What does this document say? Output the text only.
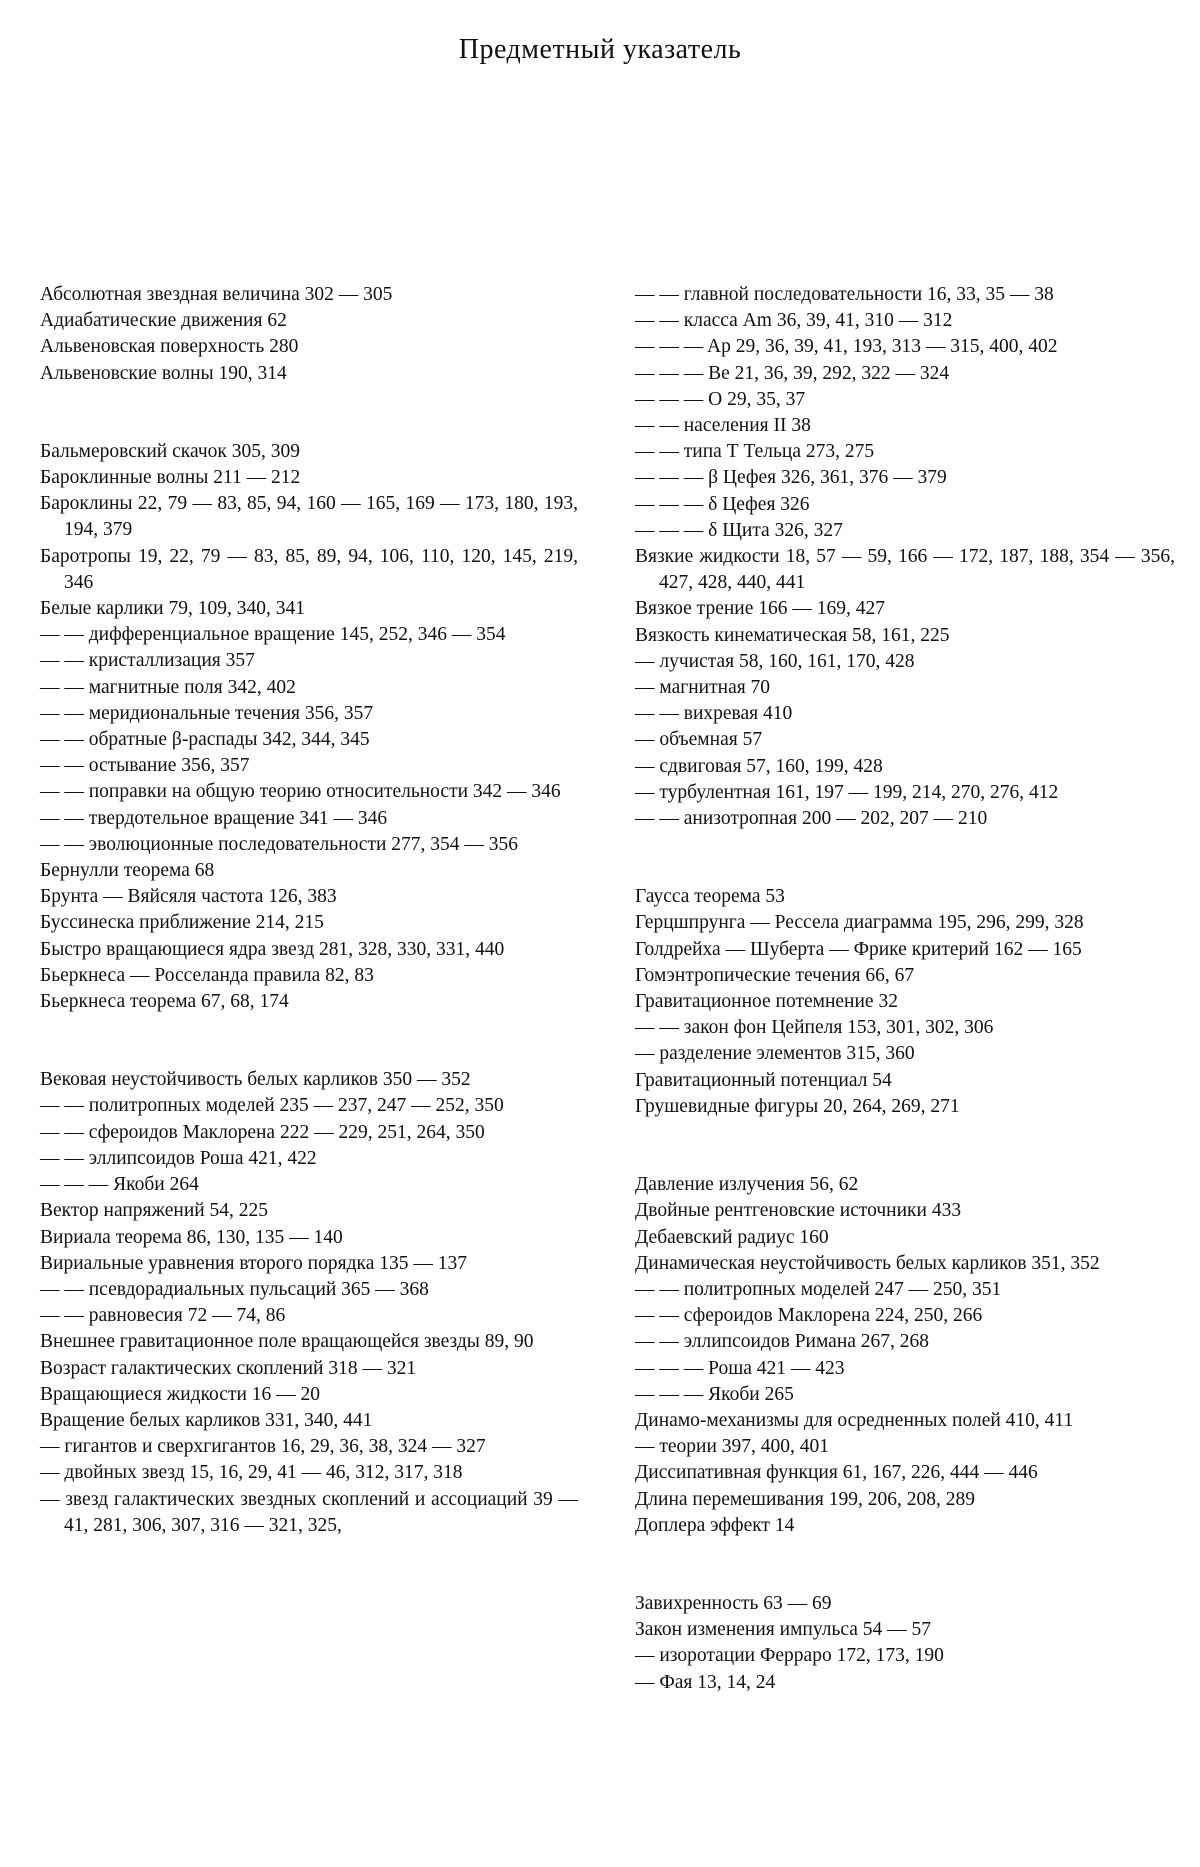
Предметный указатель

Абсолютная звездная величина 302 — 305

Адиабатические движения 62

Альвеновская поверхность 280

Альвеновские волны 190, 314

Бальмеровский скачок 305, 309

Бароклинные волны 211 — 212

Бароклины 22, 79 — 83, 85, 94, 160 — 165, 169 — 173, 180, 193, 194, 379

Баротропы 19, 22, 79 — 83, 85, 89, 94, 106, 110, 120, 145, 219, 346

Белые карлики 79, 109, 340, 341

— — дифференциальное вращение 145, 252, 346 — 354

— — кристаллизация 357

— — магнитные поля 342, 402

— — меридиональные течения 356, 357

— — обратные β-распады 342, 344, 345

— — остывание 356, 357

— — поправки на общую теорию относительности 342 — 346

— — твердотельное вращение 341 — 346

— — эволюционные последовательности 277, 354 — 356

Бернулли теорема 68

Брунта — Вяйсяля частота 126, 383

Буссинеска приближение 214, 215

Быстро вращающиеся ядра звезд 281, 328, 330, 331, 440

Бьеркнеса — Росселанда правила 82, 83

Бьеркнеса теорема 67, 68, 174

Вековая неустойчивость белых карликов 350 — 352

— — политропных моделей 235 — 237, 247 — 252, 350

— — сфероидов Маклорена 222 — 229, 251, 264, 350

— — эллипсоидов Роша 421, 422

— — — Якоби 264

Вектор напряжений 54, 225

Вириала теорема 86, 130, 135 — 140

Вириальные уравнения второго порядка 135 — 137

— — псевдорадиальных пульсаций 365 — 368

— — равновесия 72 — 74, 86

Внешнее гравитационное поле вращающейся звезды 89, 90

Возраст галактических скоплений 318 — 321

Вращающиеся жидкости 16 — 20

Вращение белых карликов 331, 340, 441

— гигантов и сверхгигантов 16, 29, 36, 38, 324 — 327

— двойных звезд 15, 16, 29, 41 — 46, 312, 317, 318

— звезд галактических звездных скоплений и ассоциаций 39 — 41, 281, 306, 307, 316 — 321, 325,

— — главной последовательности 16, 33, 35 — 38

— — класса Am 36, 39, 41, 310 — 312

— — — Ap 29, 36, 39, 41, 193, 313 — 315, 400, 402

— — — Be 21, 36, 39, 292, 322 — 324

— — — O 29, 35, 37

— — населения II 38

— — типа Т Тельца 273, 275

— — — β Цефея 326, 361, 376 — 379

— — — δ Цефея 326

— — — δ Щита 326, 327

Вязкие жидкости 18, 57 — 59, 166 — 172, 187, 188, 354 — 356, 427, 428, 440, 441

Вязкое трение 166 — 169, 427

Вязкость кинематическая 58, 161, 225

— лучистая 58, 160, 161, 170, 428

— магнитная 70

— — вихревая 410

— объемная 57

— сдвиговая 57, 160, 199, 428

— турбулентная 161, 197 — 199, 214, 270, 276, 412

— — анизотропная 200 — 202, 207 — 210

Гаусса теорема 53

Герцшпрунга — Рессела диаграмма 195, 296, 299, 328

Голдрейха — Шуберта — Фрике критерий 162 — 165

Гомэнтропические течения 66, 67

Гравитационное потемнение 32

— — закон фон Цейпеля 153, 301, 302, 306

— разделение элементов 315, 360

Гравитационный потенциал 54

Грушевидные фигуры 20, 264, 269, 271

Давление излучения 56, 62

Двойные рентгеновские источники 433

Дебаевский радиус 160

Динамическая неустойчивость белых карликов 351, 352

— — политропных моделей 247 — 250, 351

— — сфероидов Маклорена 224, 250, 266

— — эллипсоидов Римана 267, 268

— — — Роша 421 — 423

— — — Якоби 265

Динамо-механизмы для осредненных полей 410, 411

— теории 397, 400, 401

Диссипативная функция 61, 167, 226, 444 — 446

Длина перемешивания 199, 206, 208, 289

Доплера эффект 14

Завихренность 63 — 69

Закон изменения импульса 54 — 57

— изоротации Ферраро 172, 173, 190

— Фая 13, 14, 24
